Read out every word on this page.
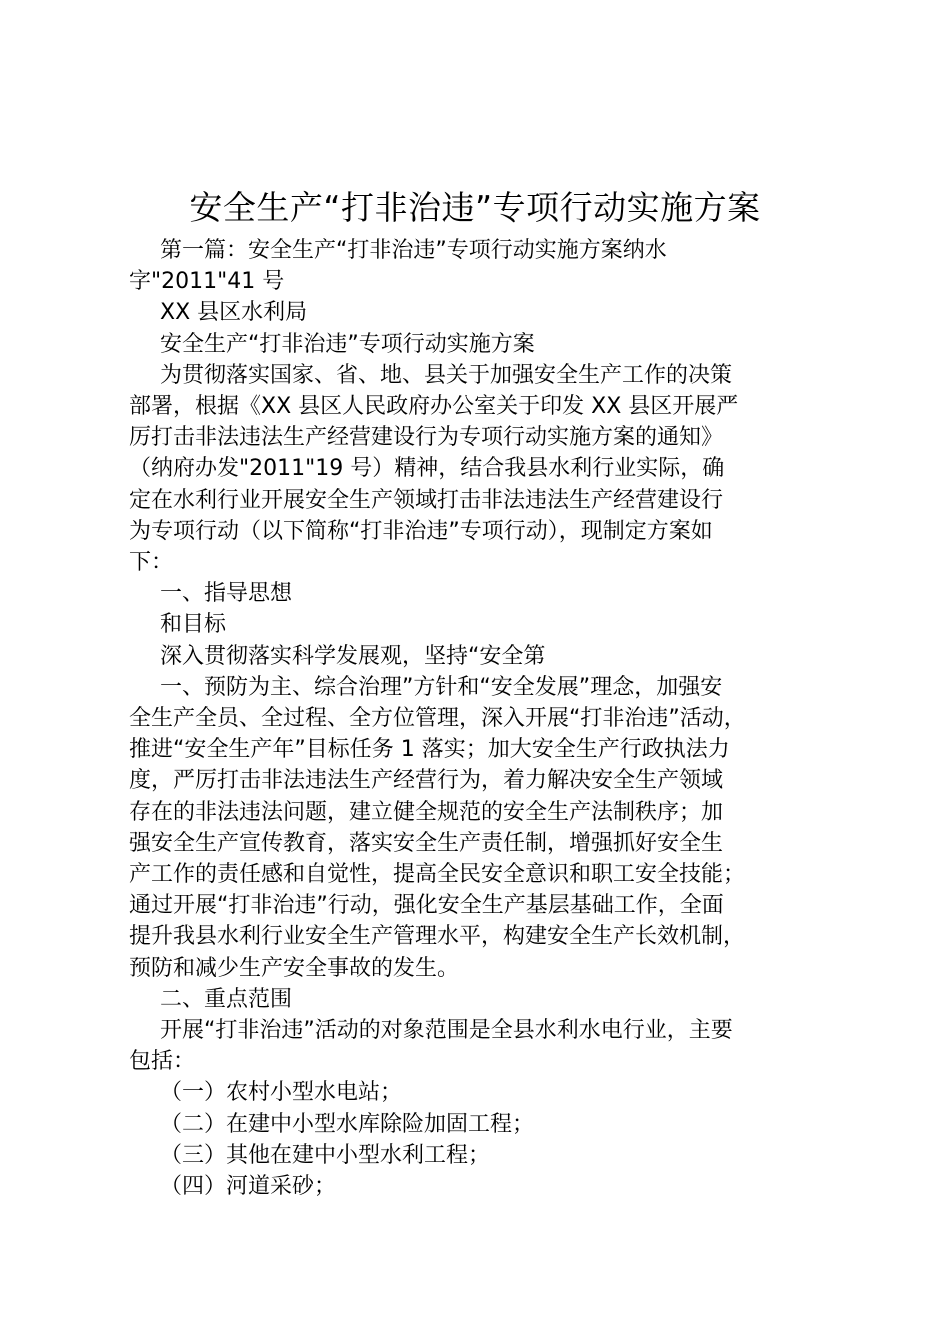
安全生产“打非治违”专项行动实施方案

第一篇：安全生产“打非治违”专项行动实施方案纳水

字"2011"41 号

XX 县区水利局

安全生产“打非治违”专项行动实施方案

为贯彻落实国家、省、地、县关于加强安全生产工作的决策

部署，根据《XX 县区人民政府办公室关于印发 XX 县区开展严

厉打击非法违法生产经营建设行为专项行动实施方案的通知》

（纳府办发"2011"19 号）精神，结合我县水利行业实际，确

定在水利行业开展安全生产领域打击非法违法生产经营建设行

为专项行动（以下简称“打非治违”专项行动），现制定方案如

下：

一、指导思想

和目标

深入贯彻落实科学发展观，坚持“安全第

一、预防为主、综合治理”方针和“安全发展”理念，加强安

全生产全员、全过程、全方位管理，深入开展“打非治违”活动，

推进“安全生产年”目标任务 1 落实；加大安全生产行政执法力

度，严厉打击非法违法生产经营行为，着力解决安全生产领域

存在的非法违法问题，建立健全规范的安全生产法制秩序；加

强安全生产宣传教育，落实安全生产责任制，增强抓好安全生

产工作的责任感和自觉性，提高全民安全意识和职工安全技能；

通过开展“打非治违”行动，强化安全生产基层基础工作，全面

提升我县水利行业安全生产管理水平，构建安全生产长效机制，

预防和减少生产安全事故的发生。

二、重点范围

开展“打非治违”活动的对象范围是全县水利水电行业，主要

包括：

（一）农村小型水电站；

（二）在建中小型水库除险加固工程；

（三）其他在建中小型水利工程；

（四）河道采砂；
